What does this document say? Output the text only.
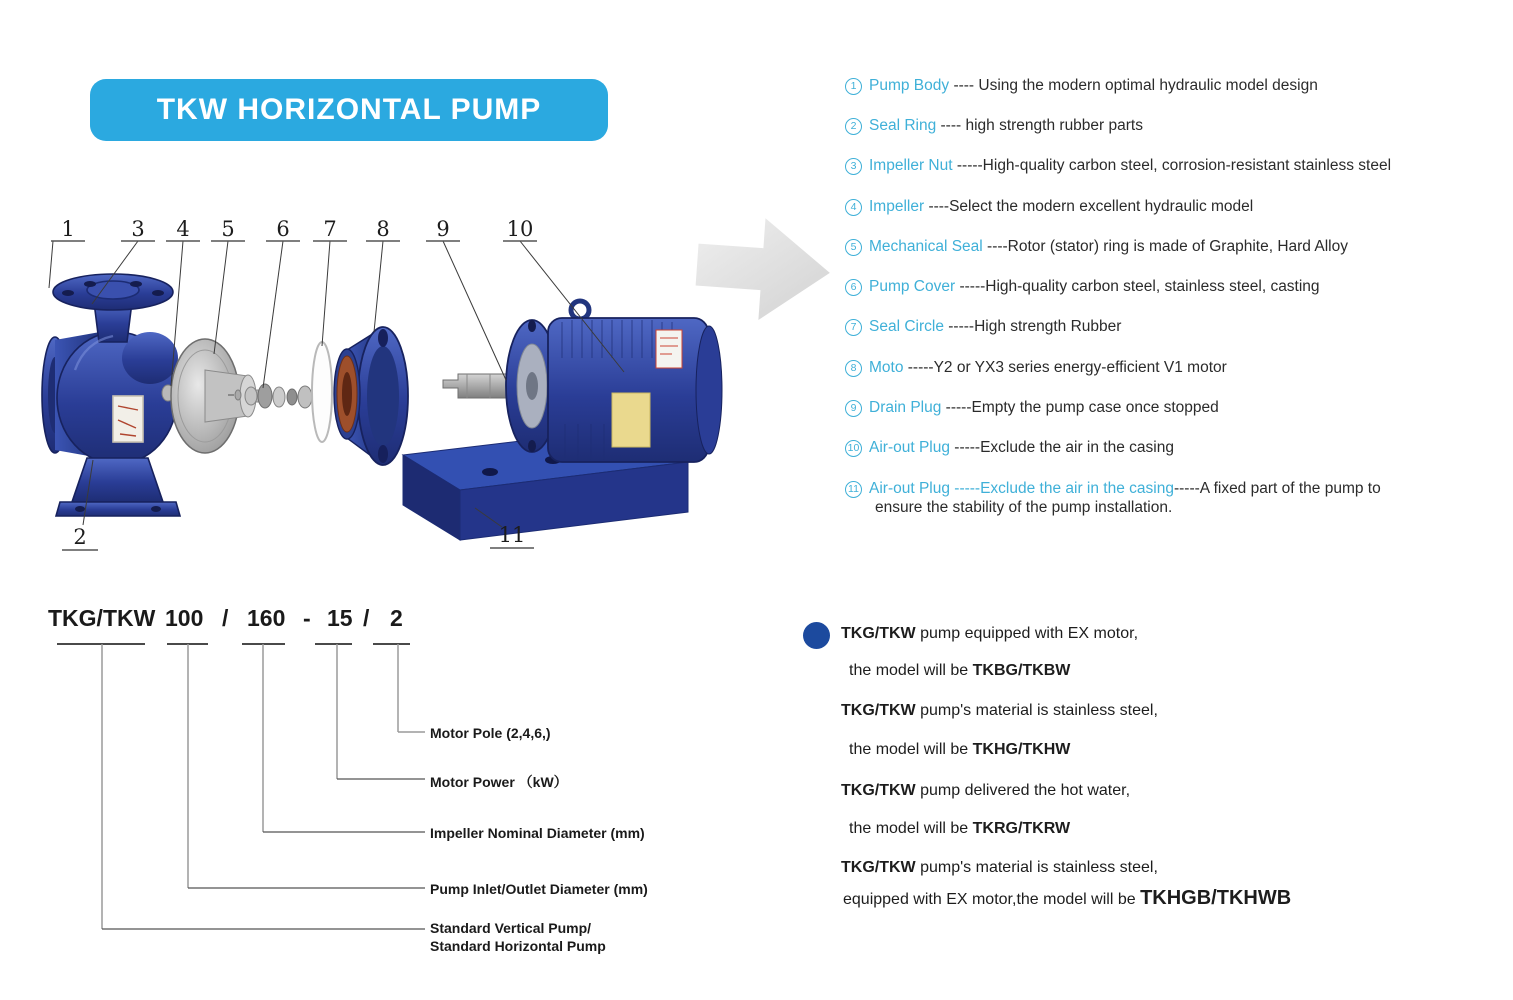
TKW HORIZONTAL PUMP
1	3 4 5 6 7 8 9	10
2	11
1 Pump Body ---- Using the modern optimal hydraulic model design
2 Seal Ring ---- high strength rubber parts
3 Impeller Nut -----High-quality carbon steel, corrosion-resistant stainless steel
4 Impeller ----Select the modern excellent hydraulic model
5 Mechanical Seal ----Rotor (stator) ring is made of Graphite, Hard Alloy
6 Pump Cover -----High-quality carbon steel, stainless steel, casting
7 Seal Circle -----High strength Rubber
8 Moto -----Y2 or YX3 series energy-efficient V1 motor
9 Drain Plug -----Empty the pump case once stopped
10 Air-out Plug -----Exclude the air in the casing
11 Air-out Plug -----Exclude the air in the casing -----A fixed part of the pump to
ensure the stability of the pump installation.
TKG/TKW 100 / 160 - 15 / 2
Motor Pole (2,4,6,)
Motor Power （kW）
Impeller Nominal Diameter (mm)
Pump Inlet/Outlet Diameter (mm)
Standard Vertical Pump/
Standard Horizontal Pump
TKG/TKW pump equipped with EX motor,
the model will be TKBG/TKBW
TKG/TKW pump's material is stainless steel,
the model will be TKHG/TKHW
TKG/TKW pump delivered the hot water,
the model will be TKRG/TKRW
TKG/TKW pump's material is stainless steel,
equipped with EX motor,the model will be TKHGB/TKHWB
